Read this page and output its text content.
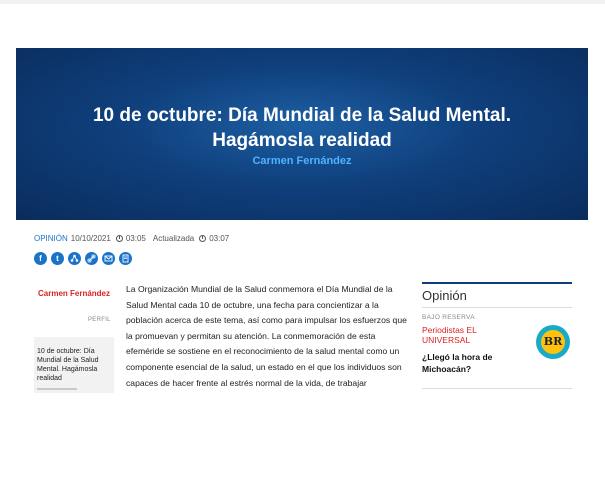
10 de octubre: Día Mundial de la Salud Mental. Hagámosla realidad
Carmen Fernández
OPINIÓN 10/10/2021 03:05 Actualizada 03:07
f	t
Carmen Fernández
PERFIL
10 de octubre: Día Mundial de la Salud Mental. Hagámosla realidad

La Organización Mundial de la Salud conmemora el Día Mundial de la Salud Mental cada 10 de octubre, una fecha para concientizar a la población acerca de este tema, así como para impulsar los esfuerzos que la promuevan y permitan su atención. La conmemoración de esta efeméride se sostiene en el reconocimiento de la salud mental como un componente esencial de la salud, un estado en el que los individuos son capaces de hacer frente al estrés normal de la vida, de trabajar

Opinión
BAJO RESERVA
Periodistas EL UNIVERSAL
¿Llegó la hora de Michoacán?
BR
